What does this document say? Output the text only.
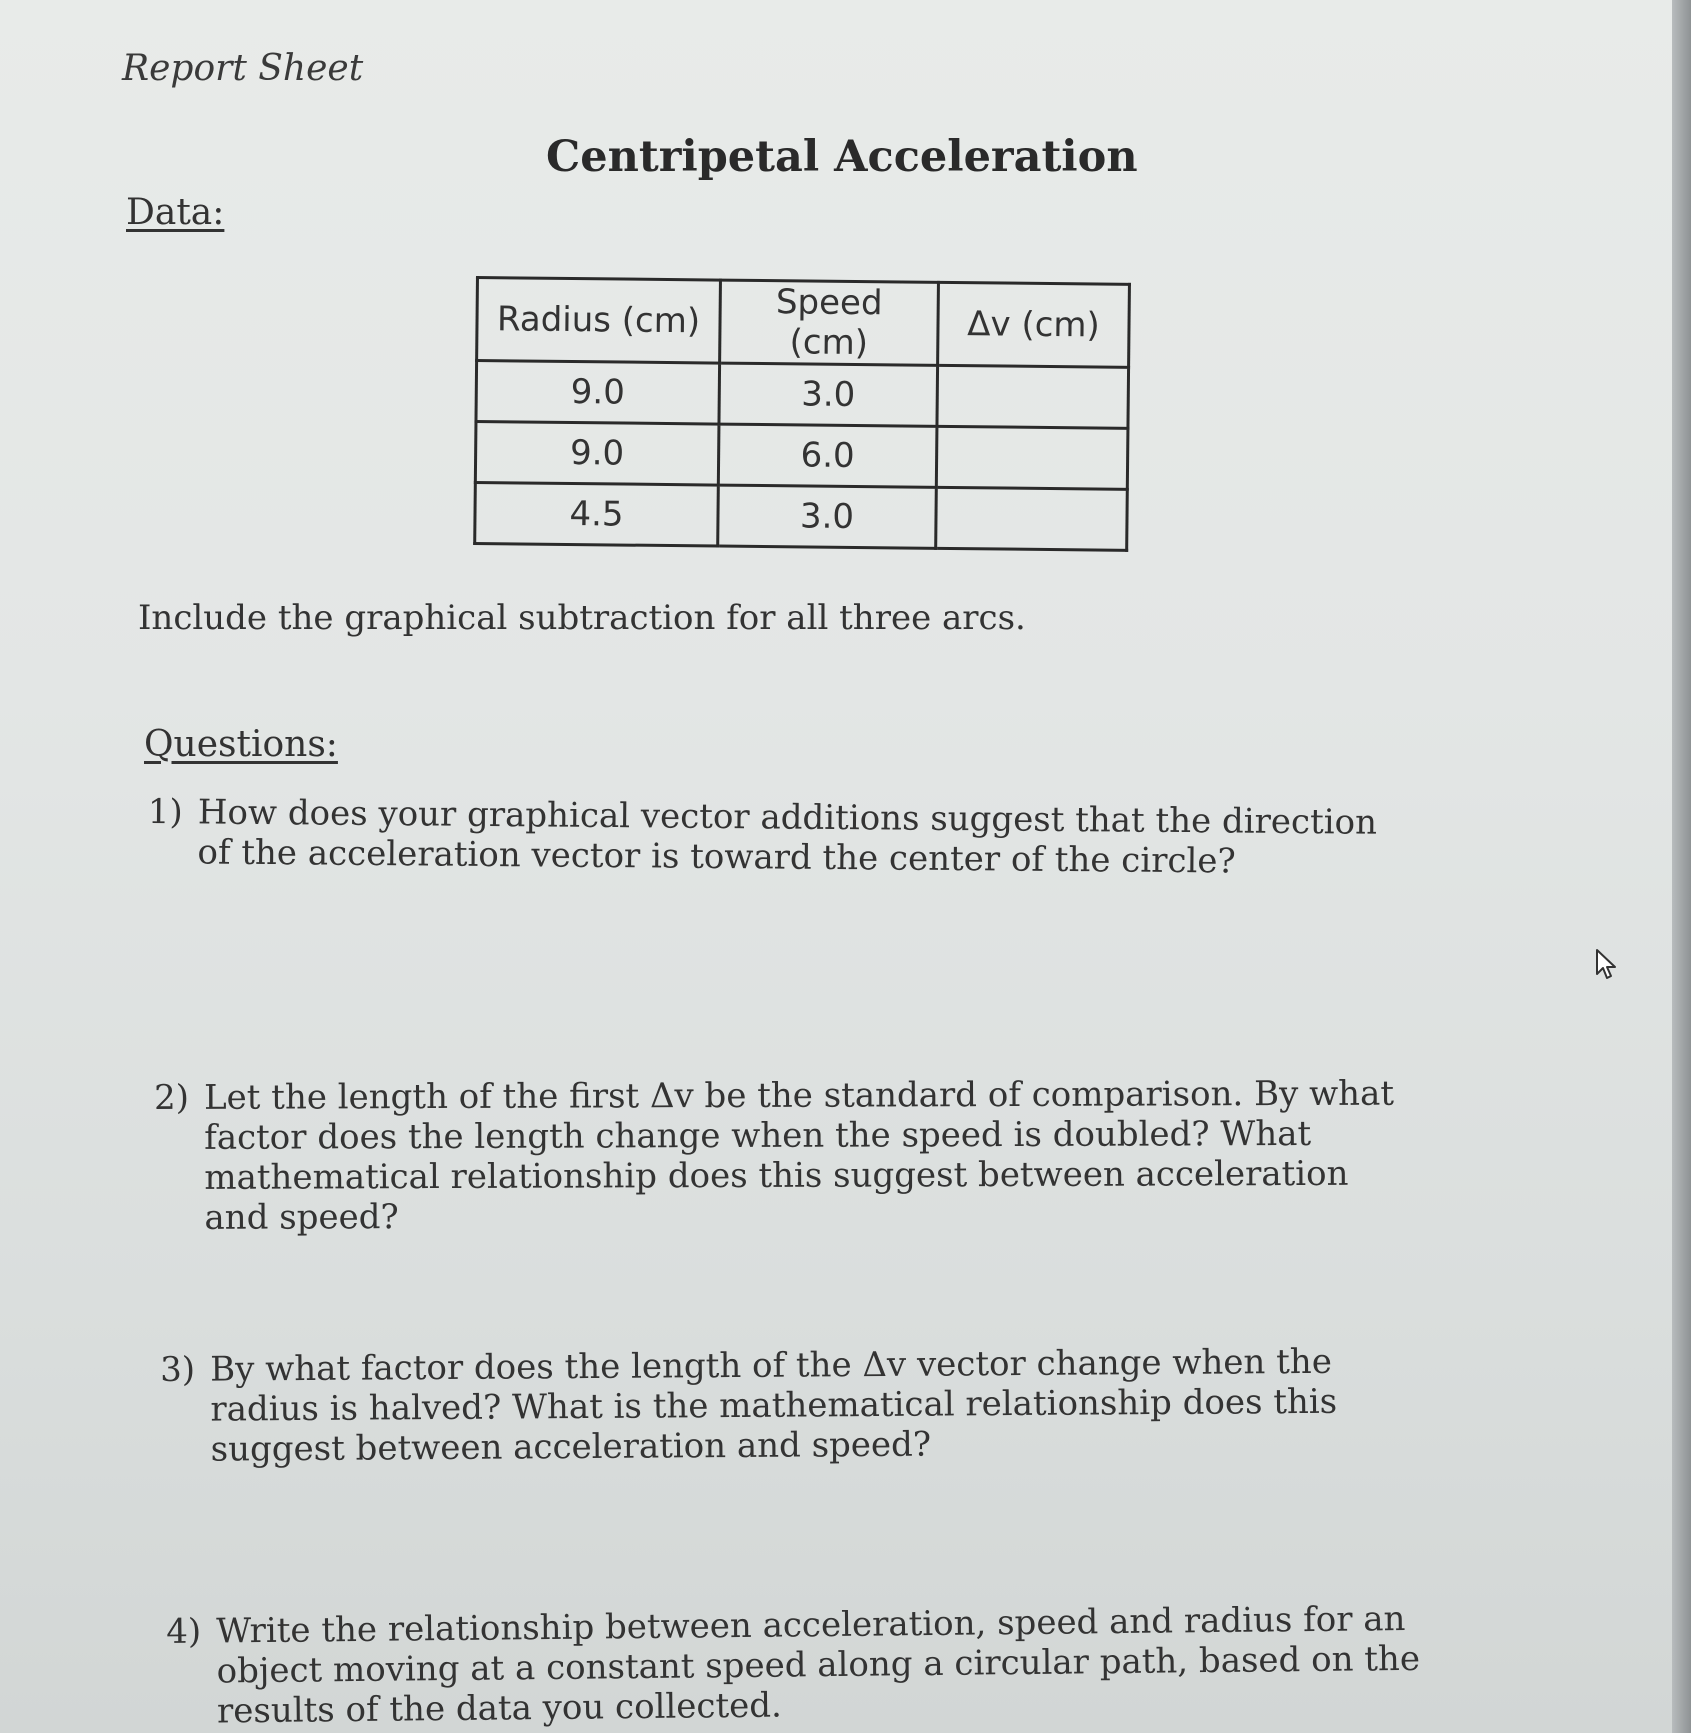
Report Sheet
Centripetal Acceleration
Data:
Radius (cm)	Speed (cm)	Δv (cm)
9.0	3.0	
9.0	6.0	
4.5	3.0	
Include the graphical subtraction for all three arcs.
Questions:
1) How does your graphical vector additions suggest that the direction of the acceleration vector is toward the center of the circle?
2) Let the length of the first Δv be the standard of comparison. By what factor does the length change when the speed is doubled? What mathematical relationship does this suggest between acceleration and speed?
3) By what factor does the length of the Δv vector change when the radius is halved? What is the mathematical relationship does this suggest between acceleration and speed?
4) Write the relationship between acceleration, speed and radius for an object moving at a constant speed along a circular path, based on the results of the data you collected.
